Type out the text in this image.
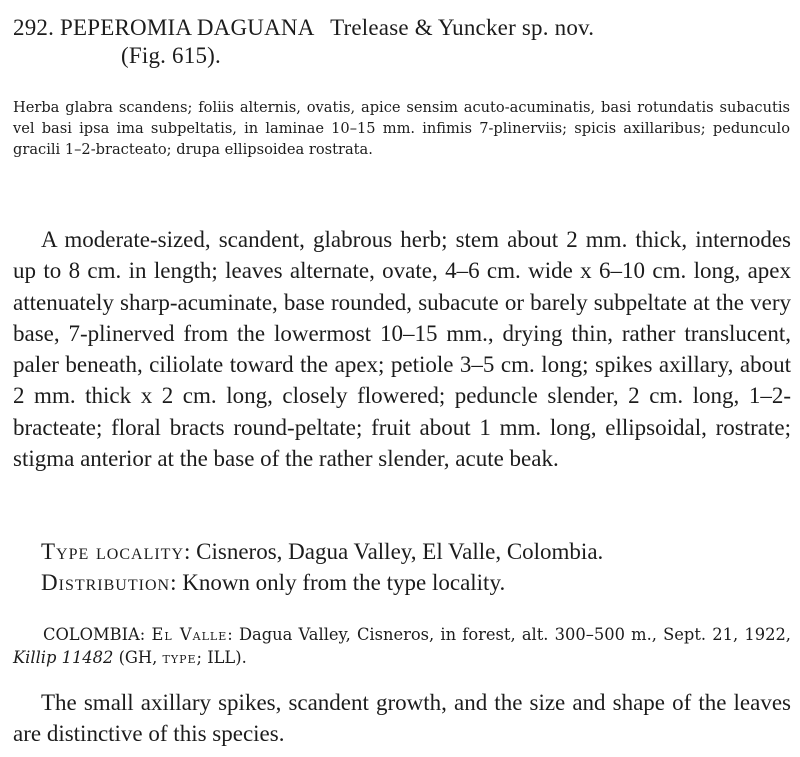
292. PEPEROMIA DAGUANA Trelease & Yuncker sp. nov.
(Fig. 615).
Herba glabra scandens; foliis alternis, ovatis, apice sensim acuto-acuminatis, basi rotundatis subacutis vel basi ipsa ima subpeltatis, in laminae 10–15 mm. infimis 7-plinerviis; spicis axillaribus; pedunculo gracili 1–2-bracteato; drupa ellipsoidea rostrata.
A moderate-sized, scandent, glabrous herb; stem about 2 mm. thick, internodes up to 8 cm. in length; leaves alternate, ovate, 4–6 cm. wide x 6–10 cm. long, apex attenuately sharp-acuminate, base rounded, subacute or barely subpeltate at the very base, 7-plinerved from the lowermost 10–15 mm., drying thin, rather translucent, paler beneath, ciliolate toward the apex; petiole 3–5 cm. long; spikes axillary, about 2 mm. thick x 2 cm. long, closely flowered; peduncle slender, 2 cm. long, 1–2-bracteate; floral bracts round-peltate; fruit about 1 mm. long, ellipsoidal, rostrate; stigma anterior at the base of the rather slender, acute beak.
Type locality: Cisneros, Dagua Valley, El Valle, Colombia.
Distribution: Known only from the type locality.
COLOMBIA: El Valle: Dagua Valley, Cisneros, in forest, alt. 300–500 m., Sept. 21, 1922, Killip 11482 (GH, type; ILL).
The small axillary spikes, scandent growth, and the size and shape of the leaves are distinctive of this species.
